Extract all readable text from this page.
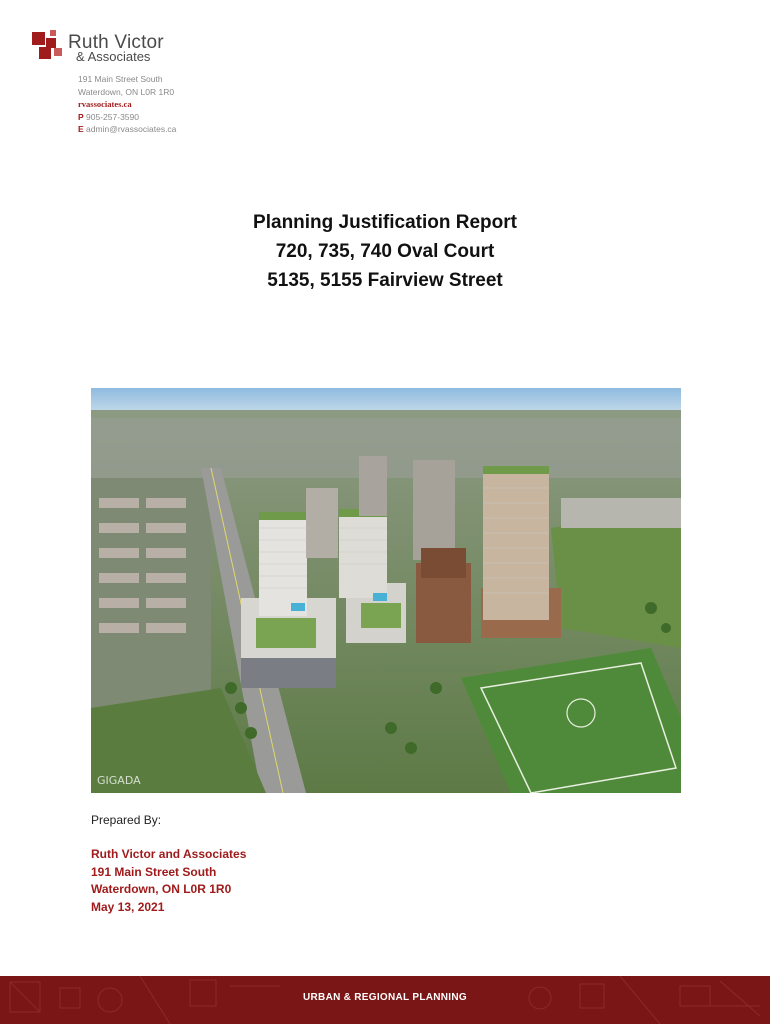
Ruth Victor
& Associates
191 Main Street South
Waterdown, ON L0R 1R0
rvassociates.ca
P 905-257-3590
E admin@rvassociates.ca
Planning Justification Report
720, 735, 740 Oval Court
5135, 5155 Fairview Street
GIGADA
Prepared By:
Ruth Victor and Associates
191 Main Street South
Waterdown, ON L0R 1R0
May 13, 2021
URBAN & REGIONAL PLANNING
